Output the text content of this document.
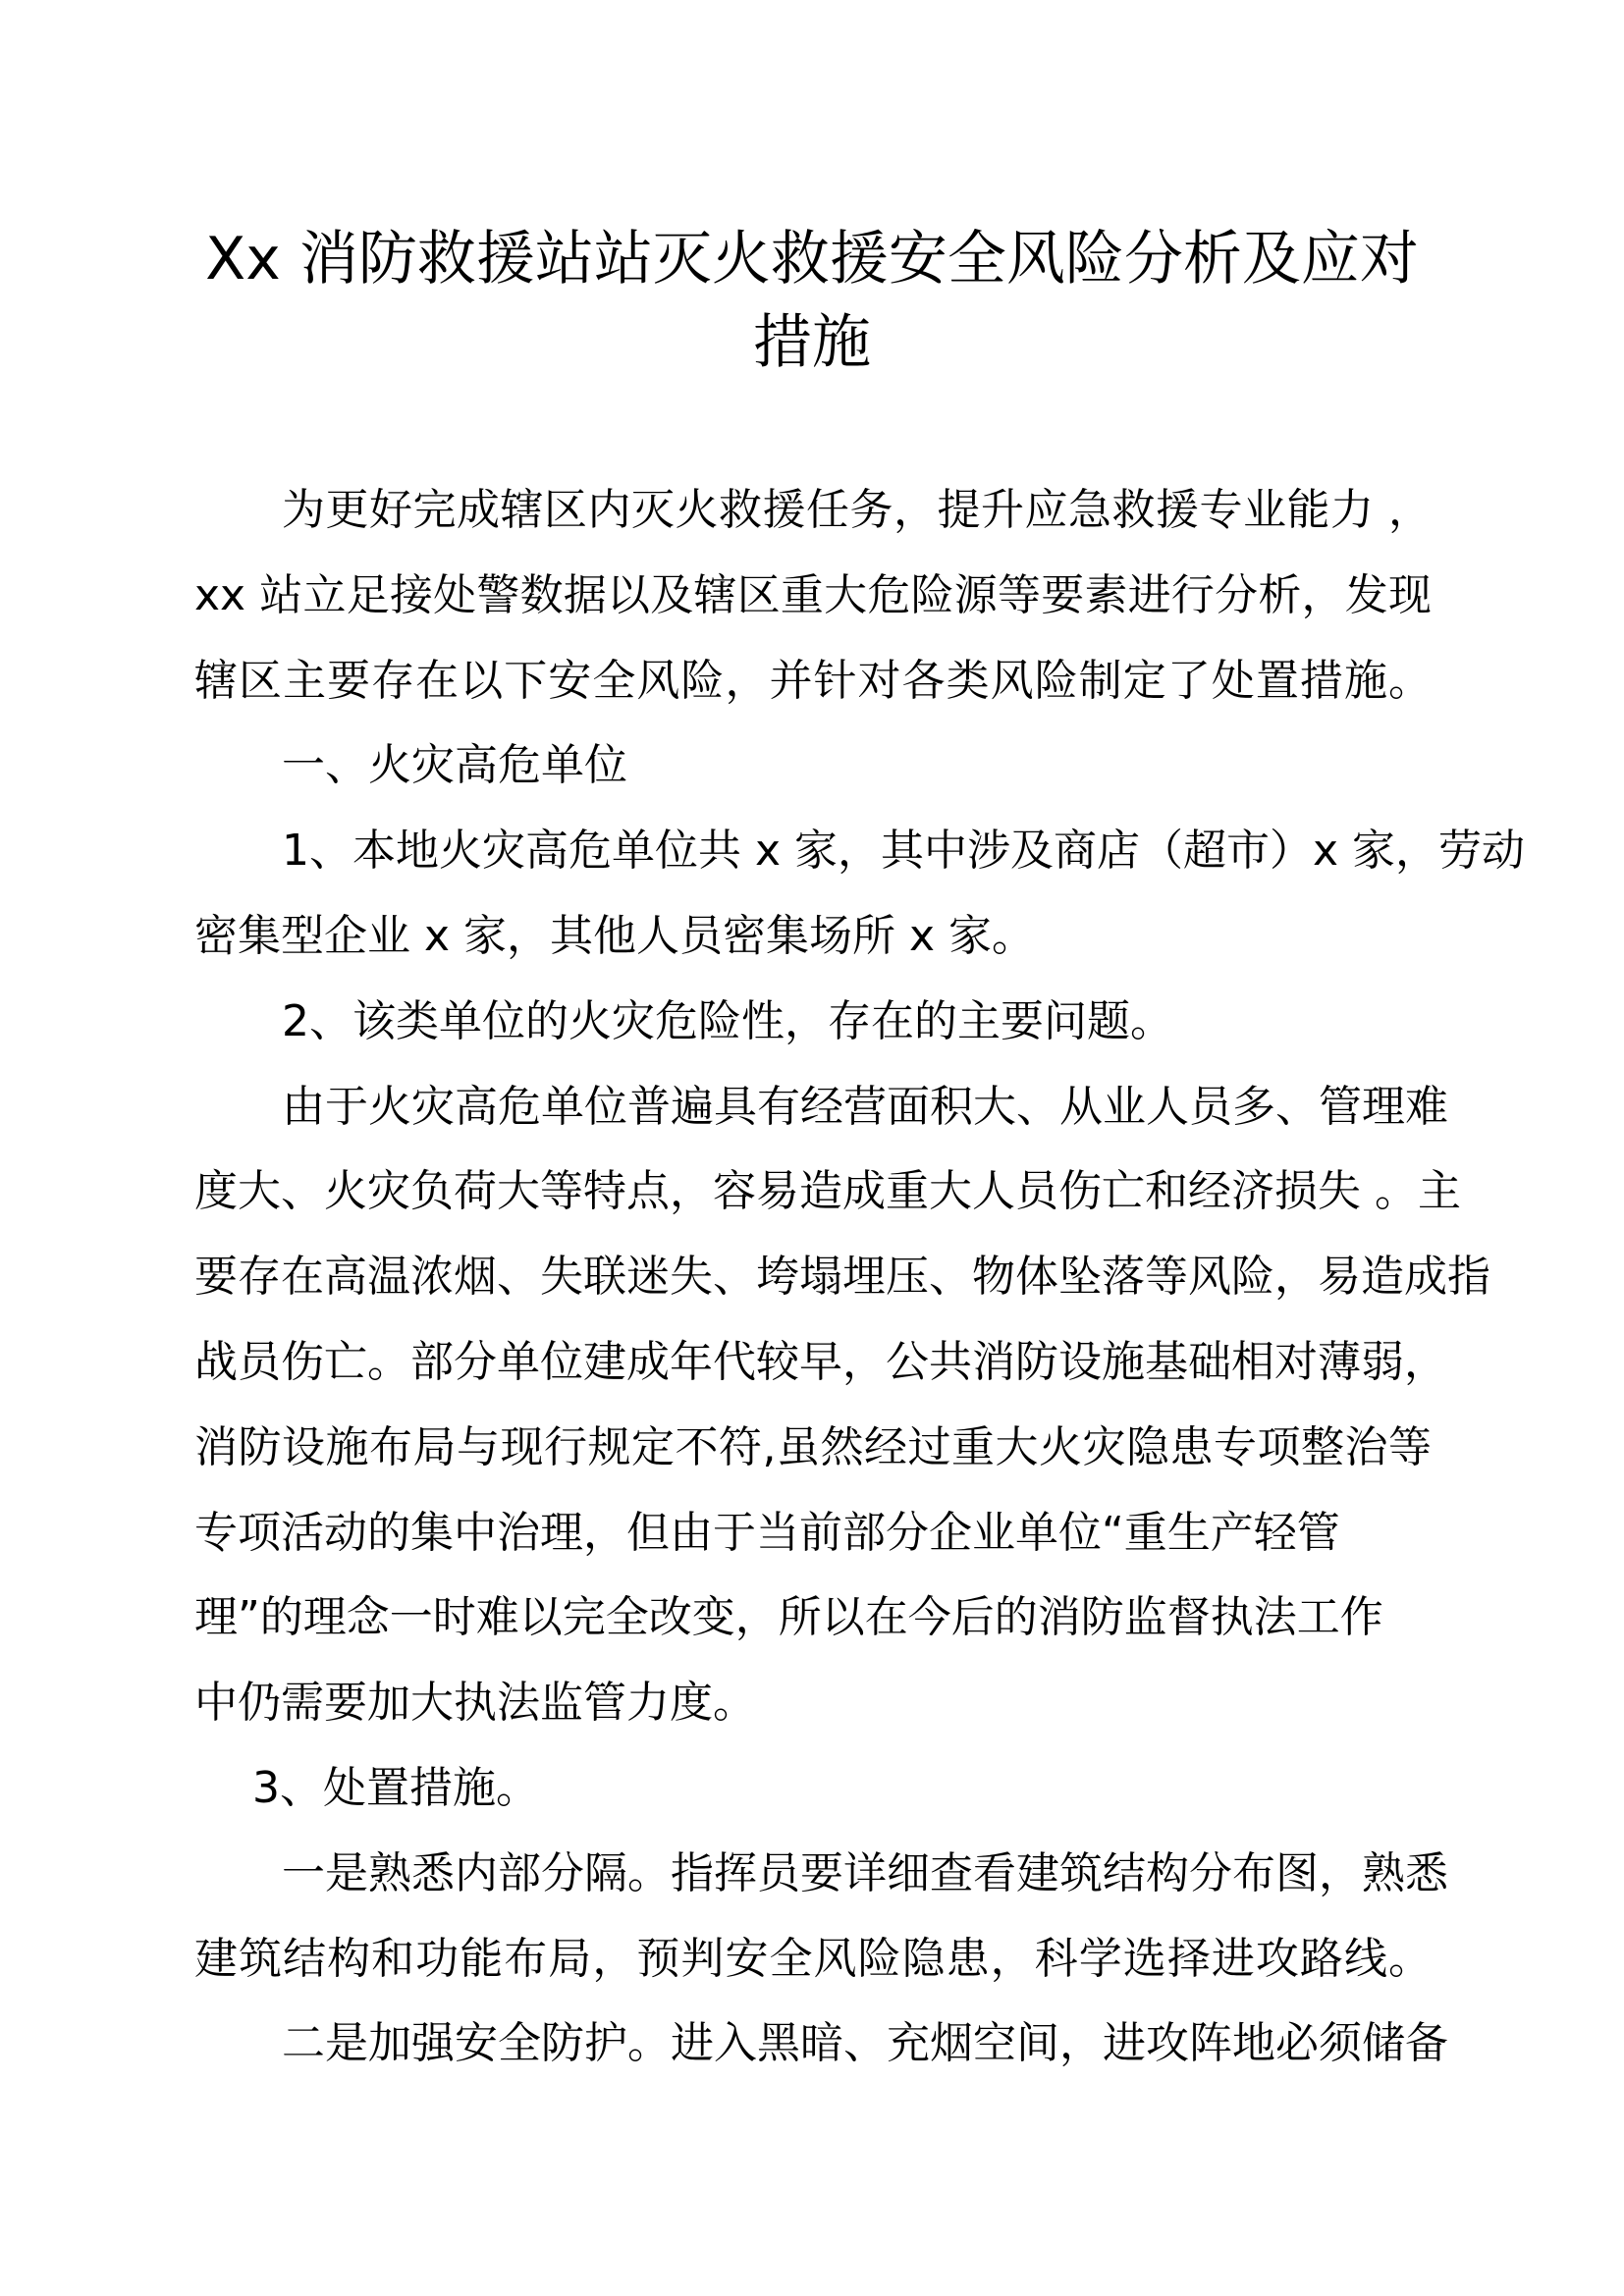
Xx 消防救援站站灭火救援安全风险分析及应对
措施
为更好完成辖区内灭火救援任务，提升应急救援专业能力 ，
xx 站立足接处警数据以及辖区重大危险源等要素进行分析，发现
辖区主要存在以下安全风险，并针对各类风险制定了处置措施。
一、火灾高危单位
1、本地火灾高危单位共 x 家，其中涉及商店（超市）x 家，劳动
密集型企业 x 家，其他人员密集场所 x 家。
2、该类单位的火灾危险性，存在的主要问题。
由于火灾高危单位普遍具有经营面积大、从业人员多、管理难
度大、火灾负荷大等特点，容易造成重大人员伤亡和经济损失 。主
要存在高温浓烟、失联迷失、垮塌埋压、物体坠落等风险，易造成指
战员伤亡。部分单位建成年代较早，公共消防设施基础相对薄弱，
消防设施布局与现行规定不符,虽然经过重大火灾隐患专项整治等
专项活动的集中治理，但由于当前部分企业单位“重生产轻管
理”的理念一时难以完全改变，所以在今后的消防监督执法工作
中仍需要加大执法监管力度。
3、处置措施。
一是熟悉内部分隔。指挥员要详细查看建筑结构分布图，熟悉
建筑结构和功能布局，预判安全风险隐患，科学选择进攻路线。
二是加强安全防护。进入黑暗、充烟空间，进攻阵地必须储备
